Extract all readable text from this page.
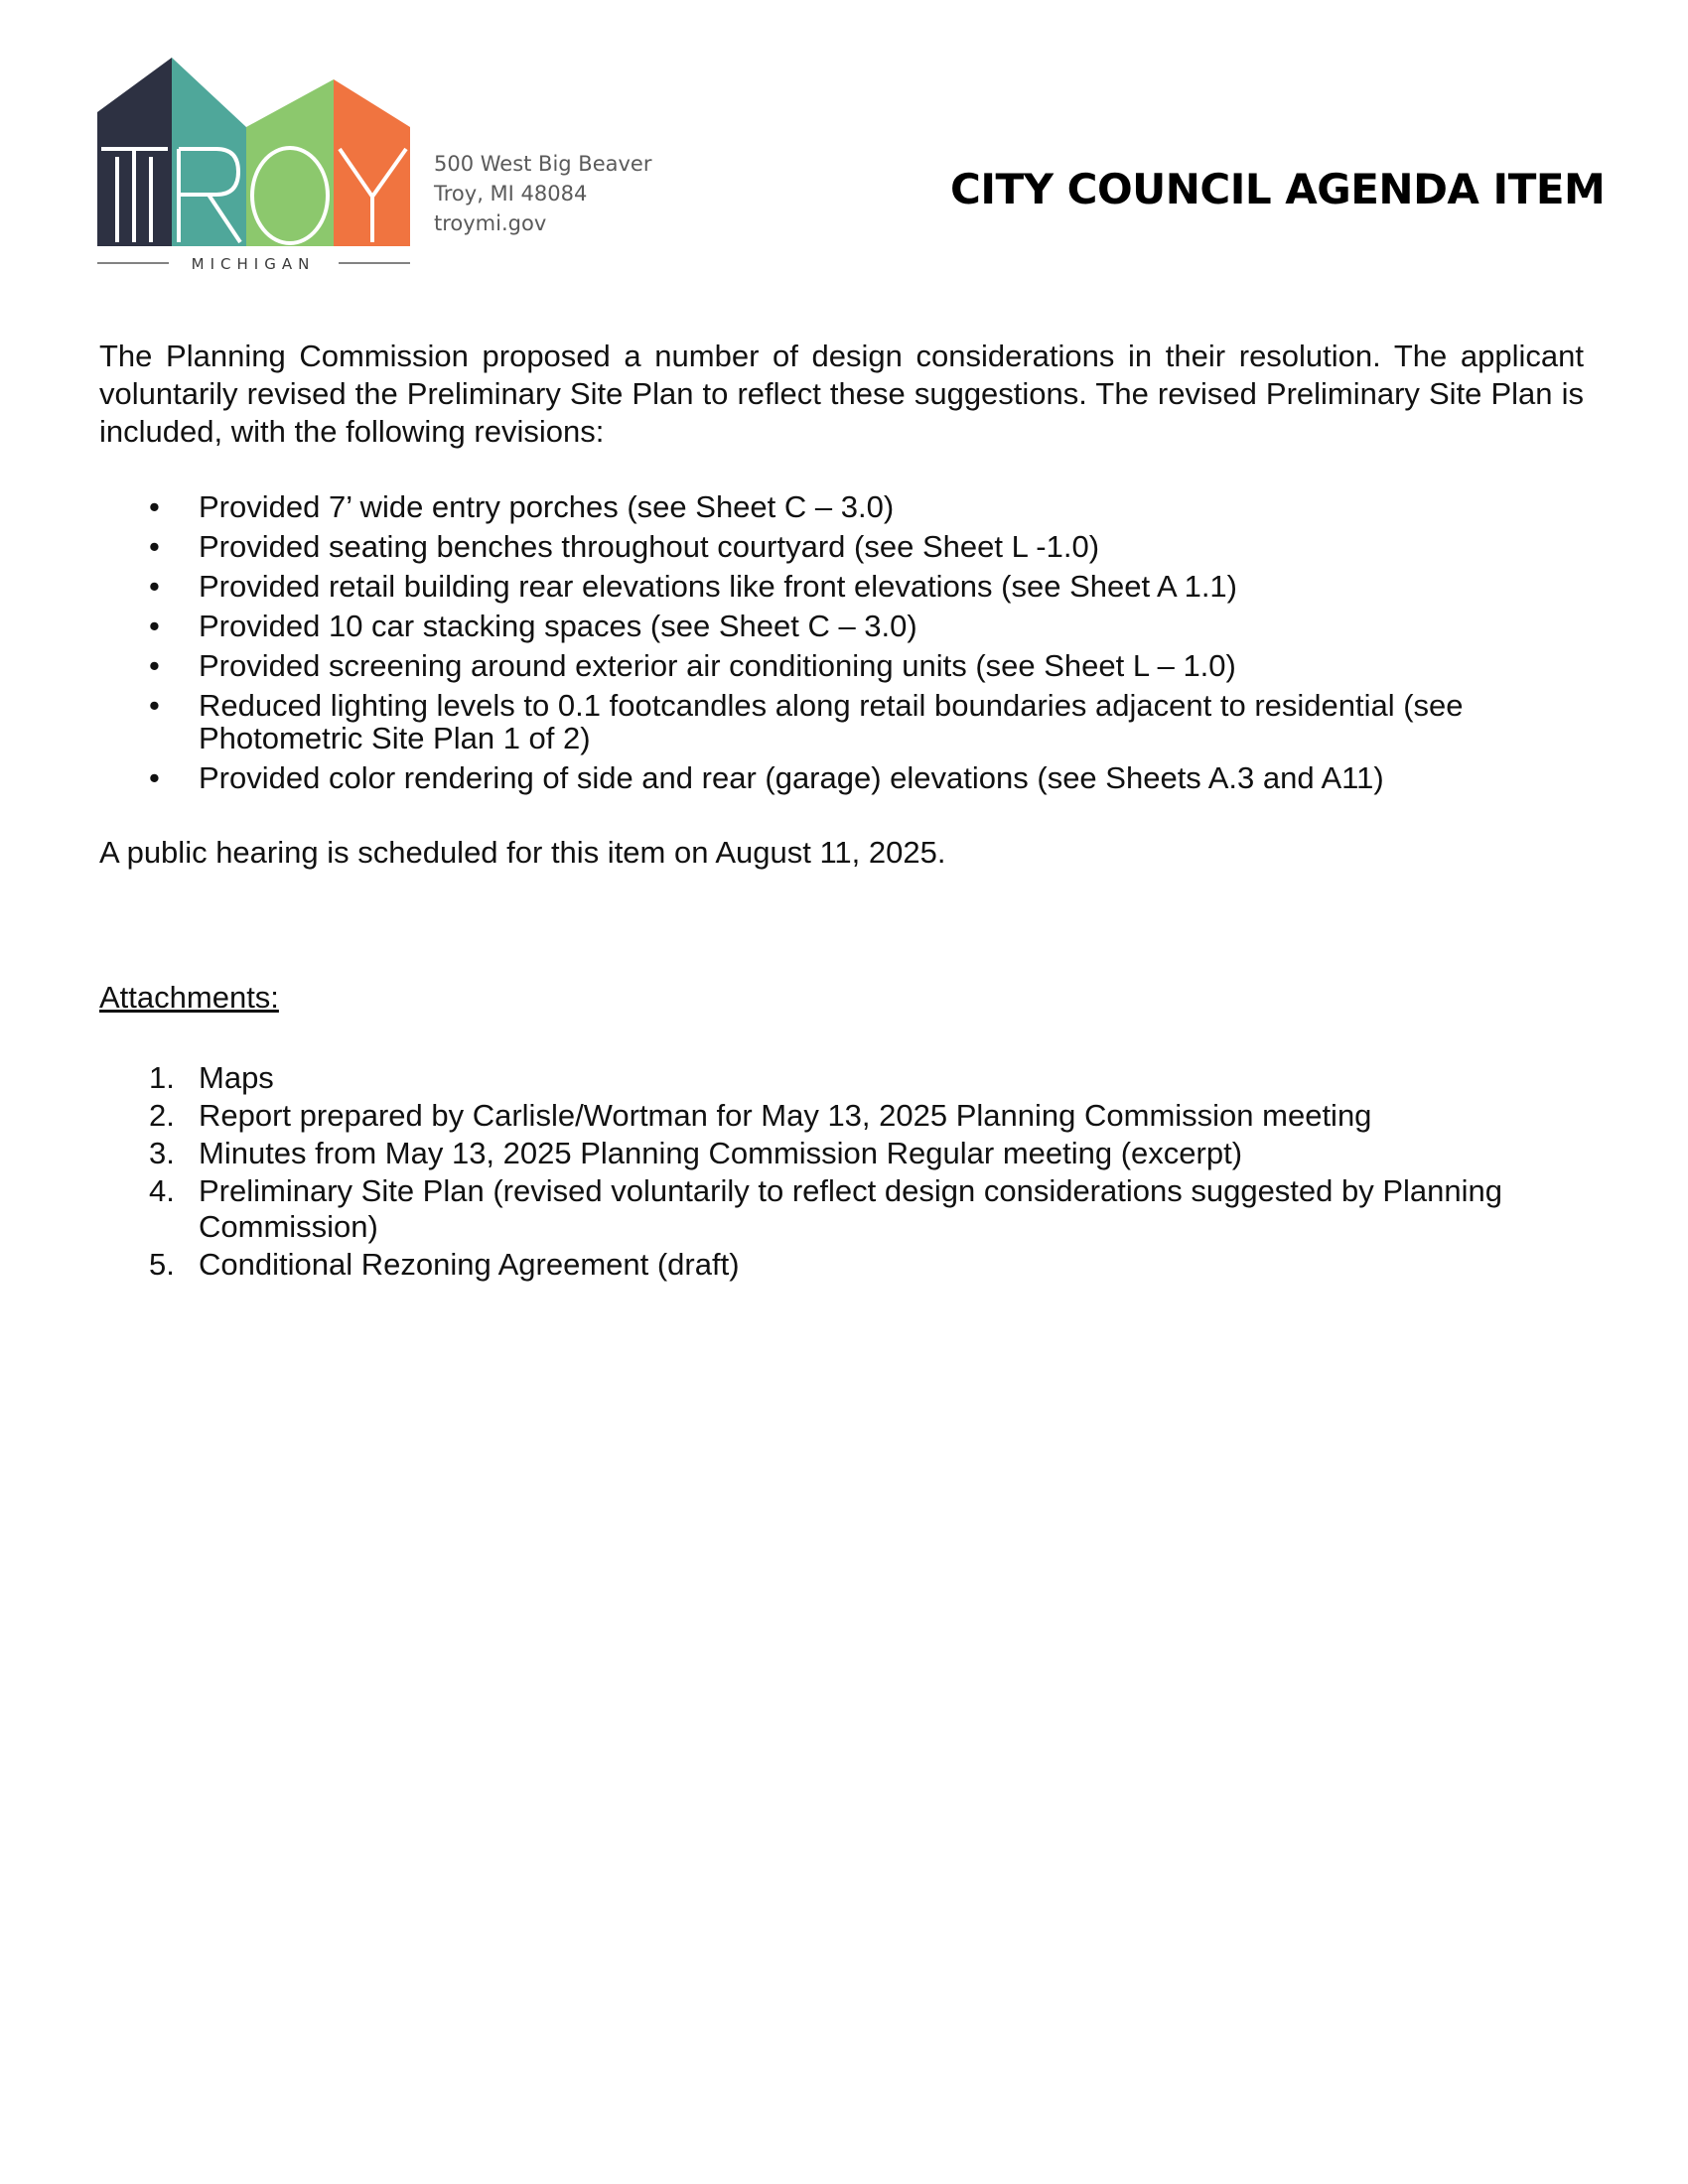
MICHIGAN
500 West Big Beaver
Troy, MI 48084
troymi.gov
CITY COUNCIL AGENDA ITEM

The Planning Commission proposed a number of design considerations in their resolution. The applicant voluntarily revised the Preliminary Site Plan to reflect these suggestions. The revised Preliminary Site Plan is included, with the following revisions:

• Provided 7’ wide entry porches (see Sheet C – 3.0)
• Provided seating benches throughout courtyard (see Sheet L -1.0)
• Provided retail building rear elevations like front elevations (see Sheet A 1.1)
• Provided 10 car stacking spaces (see Sheet C – 3.0)
• Provided screening around exterior air conditioning units (see Sheet L – 1.0)
• Reduced lighting levels to 0.1 footcandles along retail boundaries adjacent to residential (see Photometric Site Plan 1 of 2)
• Provided color rendering of side and rear (garage) elevations (see Sheets A.3 and A11)

A public hearing is scheduled for this item on August 11, 2025.

Attachments:

1. Maps
2. Report prepared by Carlisle/Wortman for May 13, 2025 Planning Commission meeting
3. Minutes from May 13, 2025 Planning Commission Regular meeting (excerpt)
4. Preliminary Site Plan (revised voluntarily to reflect design considerations suggested by Planning Commission)
5. Conditional Rezoning Agreement (draft)
